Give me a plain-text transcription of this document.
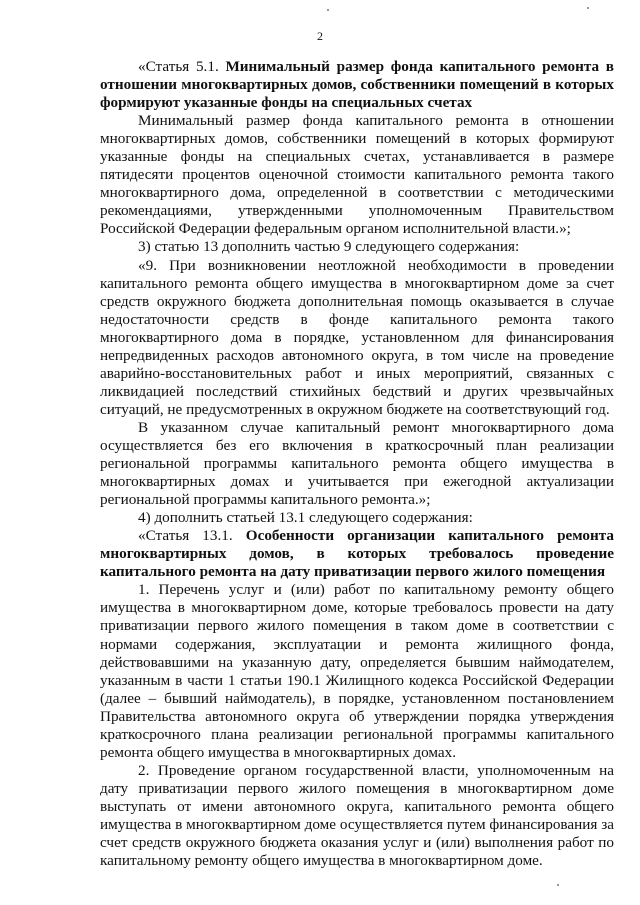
2

«Статья 5.1. Минимальный размер фонда капитального ремонта в отношении многоквартирных домов, собственники помещений в которых формируют указанные фонды на специальных счетах

Минимальный размер фонда капитального ремонта в отношении многоквартирных домов, собственники помещений в которых формируют указанные фонды на специальных счетах, устанавливается в размере пятидесяти процентов оценочной стоимости капитального ремонта такого многоквартирного дома, определенной в соответствии с методическими рекомендациями, утвержденными уполномоченным Правительством Российской Федерации федеральным органом исполнительной власти.»;

3) статью 13 дополнить частью 9 следующего содержания:

«9. При возникновении неотложной необходимости в проведении капитального ремонта общего имущества в многоквартирном доме за счет средств окружного бюджета дополнительная помощь оказывается в случае недостаточности средств в фонде капитального ремонта такого многоквартирного дома в порядке, установленном для финансирования непредвиденных расходов автономного округа, в том числе на проведение аварийно-восстановительных работ и иных мероприятий, связанных с ликвидацией последствий стихийных бедствий и других чрезвычайных ситуаций, не предусмотренных в окружном бюджете на соответствующий год.

В указанном случае капитальный ремонт многоквартирного дома осуществляется без его включения в краткосрочный план реализации региональной программы капитального ремонта общего имущества в многоквартирных домах и учитывается при ежегодной актуализации региональной программы капитального ремонта.»;

4) дополнить статьей 13.1 следующего содержания:

«Статья 13.1. Особенности организации капитального ремонта многоквартирных домов, в которых требовалось проведение капитального ремонта на дату приватизации первого жилого помещения

1. Перечень услуг и (или) работ по капитальному ремонту общего имущества в многоквартирном доме, которые требовалось провести на дату приватизации первого жилого помещения в таком доме в соответствии с нормами содержания, эксплуатации и ремонта жилищного фонда, действовавшими на указанную дату, определяется бывшим наймодателем, указанным в части 1 статьи 190.1 Жилищного кодекса Российской Федерации (далее – бывший наймодатель), в порядке, установленном постановлением Правительства автономного округа об утверждении порядка утверждения краткосрочного плана реализации региональной программы капитального ремонта общего имущества в многоквартирных домах.

2. Проведение органом государственной власти, уполномоченным на дату приватизации первого жилого помещения в многоквартирном доме выступать от имени автономного округа, капитального ремонта общего имущества в многоквартирном доме осуществляется путем финансирования за счет средств окружного бюджета оказания услуг и (или) выполнения работ по капитальному ремонту общего имущества в многоквартирном доме.
